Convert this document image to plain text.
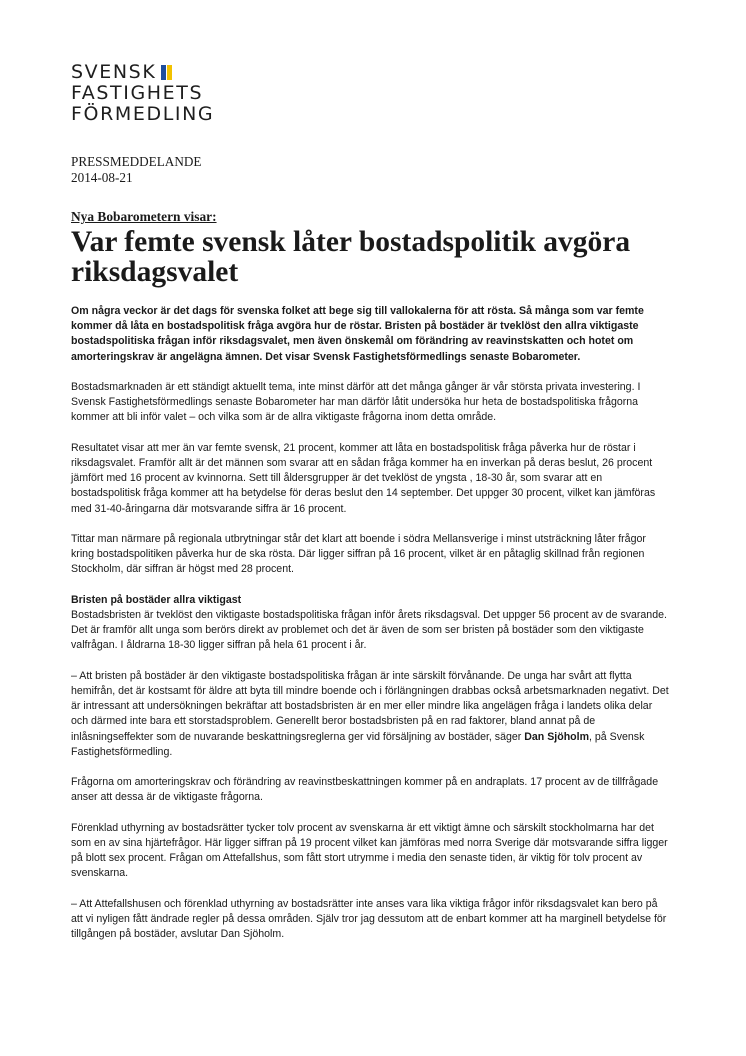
SVENSK
FASTIGHETS
FÖRMEDLING
PRESSMEDDELANDE
2014-08-21
Nya Bobarometern visar:
Var femte svensk låter bostadspolitik avgöra riksdagsvalet

Om några veckor är det dags för svenska folket att bege sig till vallokalerna för att rösta. Så många som var femte kommer då låta en bostadspolitisk fråga avgöra hur de röstar. Bristen på bostäder är tveklöst den allra viktigaste bostadspolitiska frågan inför riksdagsvalet, men även önskemål om förändring av reavinstskatten och hotet om amorteringskrav är angelägna ämnen. Det visar Svensk Fastighetsförmedlings senaste Bobarometer.

Bostadsmarknaden är ett ständigt aktuellt tema, inte minst därför att det många gånger är vår största privata investering. I Svensk Fastighetsförmedlings senaste Bobarometer har man därför låtit undersöka hur heta de bostadspolitiska frågorna kommer att bli inför valet – och vilka som är de allra viktigaste frågorna inom detta område.

Resultatet visar att mer än var femte svensk, 21 procent, kommer att låta en bostadspolitisk fråga påverka hur de röstar i riksdagsvalet. Framför allt är det männen som svarar att en sådan fråga kommer ha en inverkan på deras beslut, 26 procent jämfört med 16 procent av kvinnorna. Sett till åldersgrupper är det tveklöst de yngsta , 18-30 år, som svarar att en bostadspolitisk fråga kommer att ha betydelse för deras beslut den 14 september. Det uppger 30 procent, vilket kan jämföras med 31-40-åringarna där motsvarande siffra är 16 procent.

Tittar man närmare på regionala utbrytningar står det klart att boende i södra Mellansverige i minst utsträckning låter frågor kring bostadspolitiken påverka hur de ska rösta. Där ligger siffran på 16 procent, vilket är en påtaglig skillnad från regionen Stockholm, där siffran är högst med 28 procent.

Bristen på bostäder allra viktigast
Bostadsbristen är tveklöst den viktigaste bostadspolitiska frågan inför årets riksdagsval. Det uppger 56 procent av de svarande. Det är framför allt unga som berörs direkt av problemet och det är även de som ser bristen på bostäder som den viktigaste valfrågan. I åldrarna 18-30 ligger siffran på hela 61 procent i år.

– Att bristen på bostäder är den viktigaste bostadspolitiska frågan är inte särskilt förvånande. De unga har svårt att flytta hemifrån, det är kostsamt för äldre att byta till mindre boende och i förlängningen drabbas också arbetsmarknaden negativt. Det är intressant att undersökningen bekräftar att bostadsbristen är en mer eller mindre lika angelägen fråga i landets olika delar och därmed inte bara ett storstadsproblem. Generellt beror bostadsbristen på en rad faktorer, bland annat på de inlåsningseffekter som de nuvarande beskattningsreglerna ger vid försäljning av bostäder, säger Dan Sjöholm, på Svensk Fastighetsförmedling.

Frågorna om amorteringskrav och förändring av reavinstbeskattningen kommer på en andraplats. 17 procent av de tillfrågade anser att dessa är de viktigaste frågorna.

Förenklad uthyrning av bostadsrätter tycker tolv procent av svenskarna är ett viktigt ämne och särskilt stockholmarna har det som en av sina hjärtefrågor. Här ligger siffran på 19 procent vilket kan jämföras med norra Sverige där motsvarande siffra ligger på blott sex procent. Frågan om Attefallshus, som fått stort utrymme i media den senaste tiden, är viktig för tolv procent av svenskarna.

– Att Attefallshusen och förenklad uthyrning av bostadsrätter inte anses vara lika viktiga frågor inför riksdagsvalet kan bero på att vi nyligen fått ändrade regler på dessa områden. Själv tror jag dessutom att de enbart kommer att ha marginell betydelse för tillgången på bostäder, avslutar Dan Sjöholm.
